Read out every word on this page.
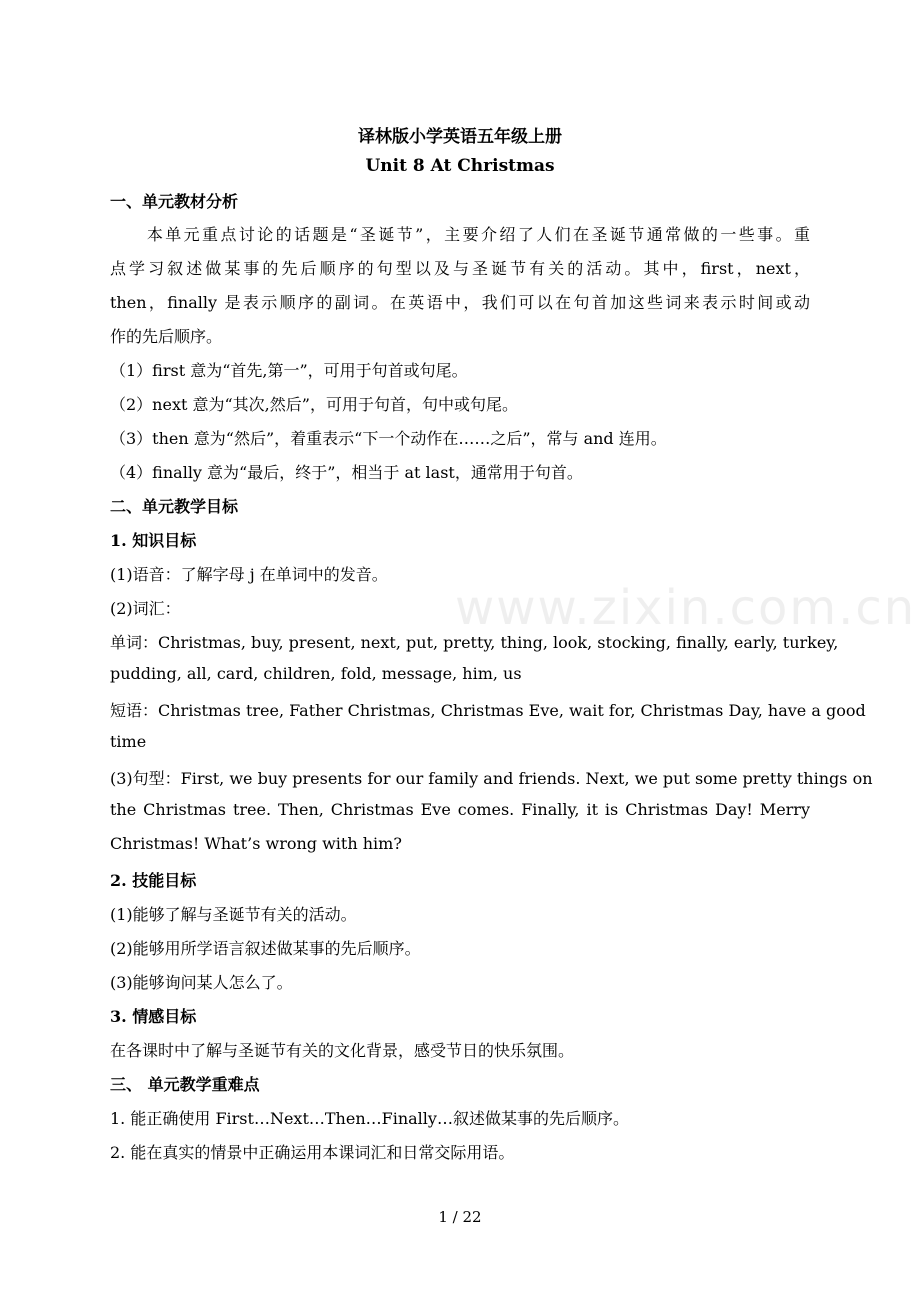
www.zixin.com.cn
译林版小学英语五年级上册
Unit 8 At Christmas
一、单元教材分析
　　本单元重点讨论的话题是“圣诞节”，主要介绍了人们在圣诞节通常做的一些事。重
点学习叙述做某事的先后顺序的句型以及与圣诞节有关的活动。其中，first，next，
then，finally 是表示顺序的副词。在英语中，我们可以在句首加这些词来表示时间或动
作的先后顺序。
（1）first 意为“首先,第一”，可用于句首或句尾。
（2）next 意为“其次,然后”，可用于句首，句中或句尾。
（3）then 意为“然后”，着重表示“下一个动作在……之后”，常与 and 连用。
（4）finally 意为“最后，终于”，相当于 at last，通常用于句首。
二、单元教学目标
1. 知识目标
(1)语音：了解字母 j 在单词中的发音。
(2)词汇：
单词：Christmas, buy, present, next, put, pretty, thing, look, stocking, finally, early, turkey,
pudding, all, card, children, fold, message, him, us
短语：Christmas tree, Father Christmas, Christmas Eve, wait for, Christmas Day, have a good
time
(3)句型：First, we buy presents for our family and friends. Next, we put some pretty things on
the Christmas tree. Then, Christmas Eve comes. Finally, it is Christmas Day! Merry
Christmas! What’s wrong with him?
2. 技能目标
(1)能够了解与圣诞节有关的活动。
(2)能够用所学语言叙述做某事的先后顺序。
(3)能够询问某人怎么了。
3. 情感目标
在各课时中了解与圣诞节有关的文化背景，感受节日的快乐氛围。
三、 单元教学重难点
1. 能正确使用 First…Next…Then…Finally…叙述做某事的先后顺序。
2. 能在真实的情景中正确运用本课词汇和日常交际用语。
1 / 22
